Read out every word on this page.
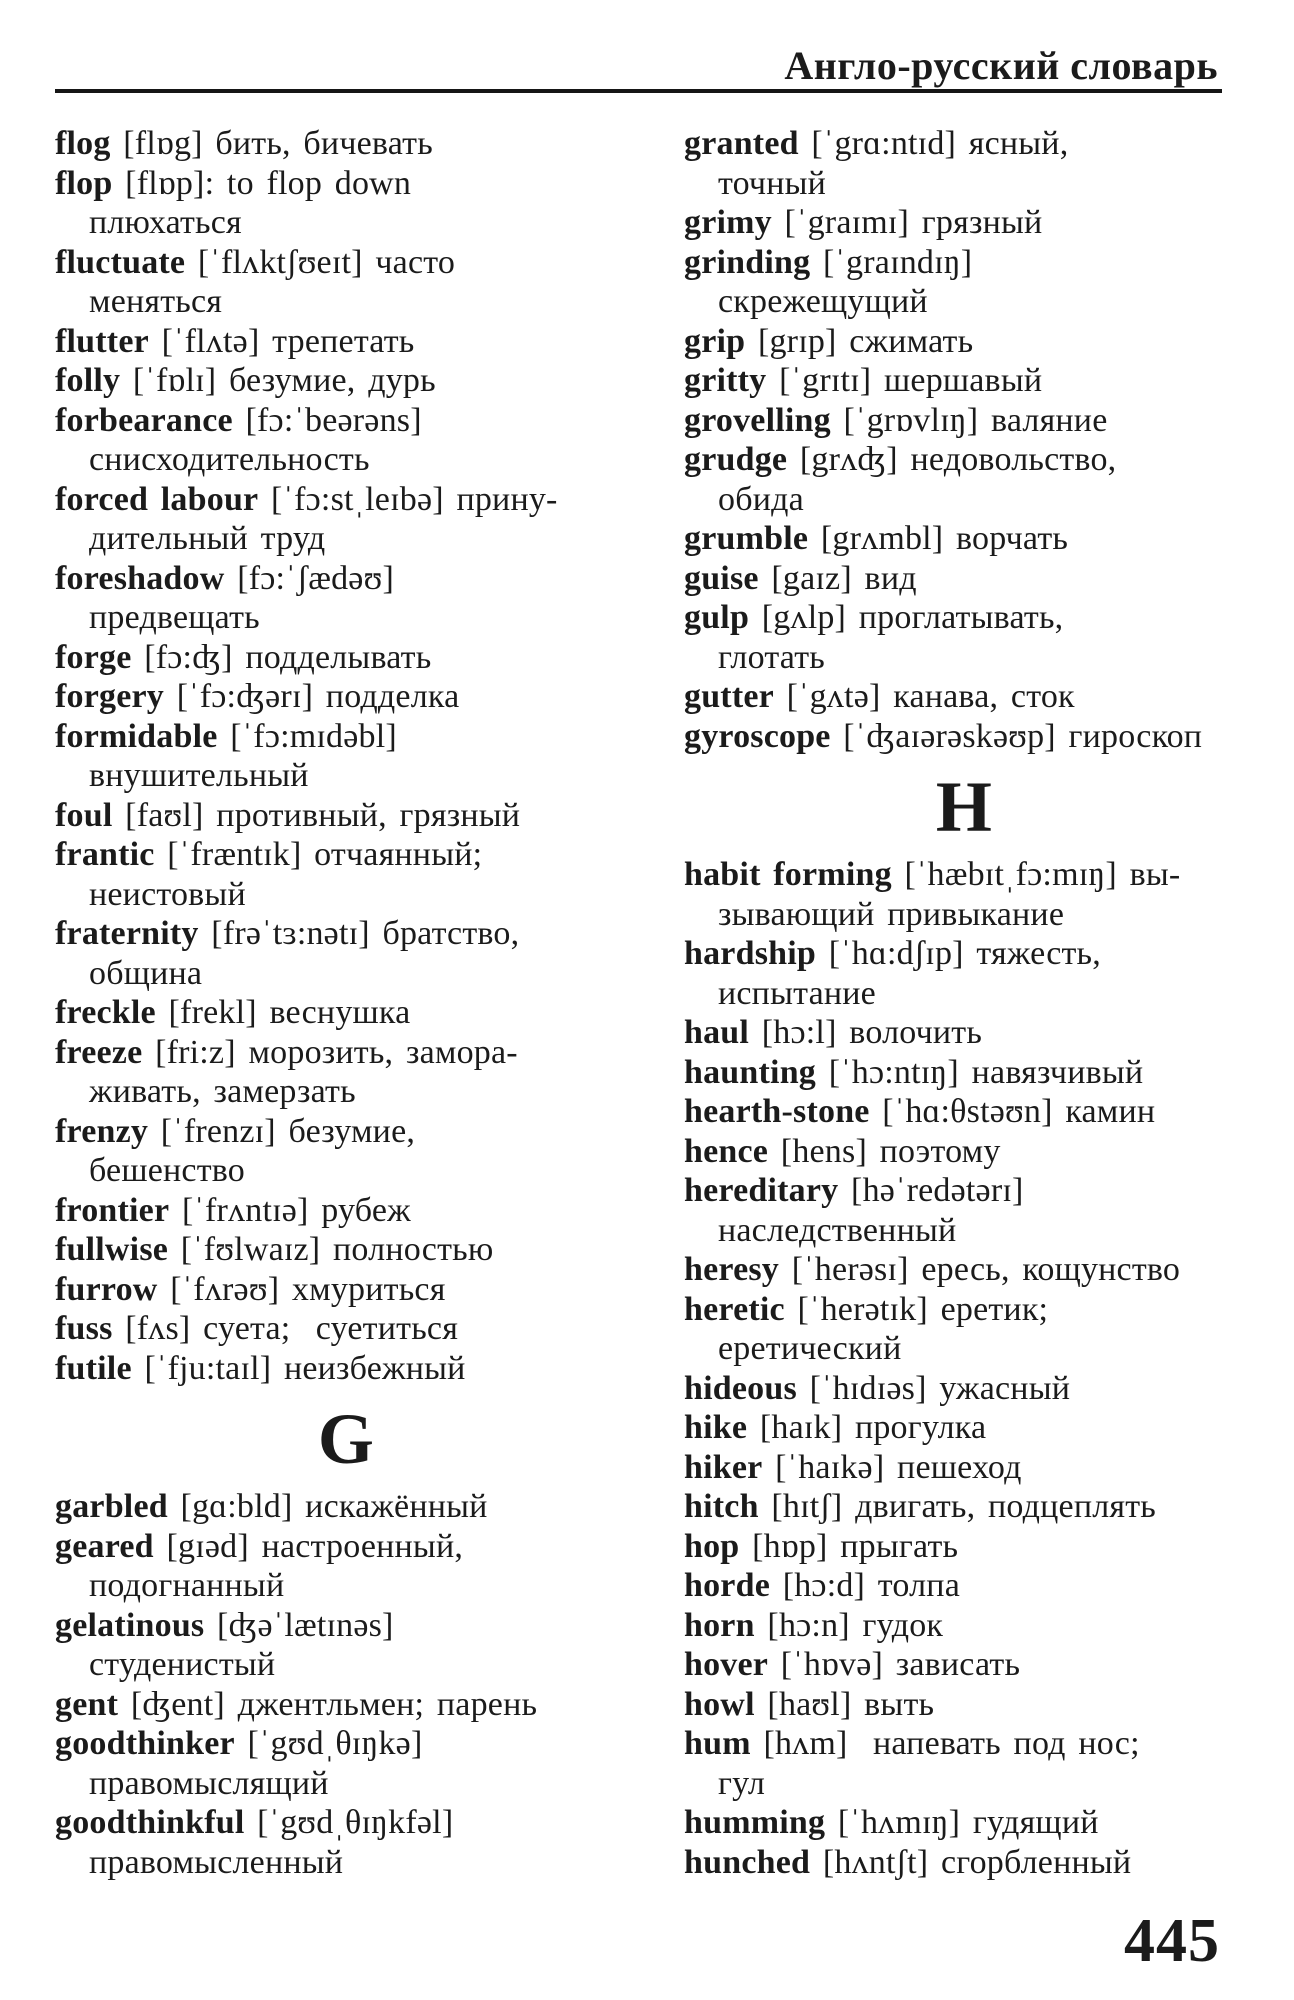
Англо-русский словарь
flog [flɒg] бить, бичевать
flop [flɒp]: to flop down
плюхаться
fluctuate [ˈflʌktʃʊeɪt] часто
меняться
flutter [ˈflʌtə] трепетать
folly [ˈfɒlɪ] безумие, дурь
forbearance [fɔ:ˈbeərəns]
снисходительность
forced labour [ˈfɔ:stˌleɪbə] прину-
дительный труд
foreshadow [fɔ:ˈʃædəʊ]
предвещать
forge [fɔ:ʤ] подделывать
forgery [ˈfɔ:ʤərɪ] подделка
formidable [ˈfɔ:mɪdəbl]
внушительный
foul [faʊl] противный, грязный
frantic [ˈfræntɪk] отчаянный;
неистовый
fraternity [frəˈtɜ:nətɪ] братство,
община
freckle [frekl] веснушка
freeze [fri:z] морозить, замора-
живать, замерзать
frenzy [ˈfrenzɪ] безумие,
бешенство
frontier [ˈfrʌntɪə] рубеж
fullwise [ˈfʊlwaɪz] полностью
furrow [ˈfʌrəʊ] хмуриться
fuss [fʌs] суета;  суетиться
futile [ˈfju:taɪl] неизбежный
G
garbled [gɑ:bld] искажённый
geared [gɪəd] настроенный,
подогнанный
gelatinous [ʤəˈlætɪnəs]
студенистый
gent [ʤent] джентльмен; парень
goodthinker [ˈgʊdˌθɪŋkə]
правомыслящий
goodthinkful [ˈgʊdˌθɪŋkfəl]
правомысленный
granted [ˈgrɑ:ntɪd] ясный,
точный
grimy [ˈgraɪmɪ] грязный
grinding [ˈgraɪndɪŋ]
скрежещущий
grip [grɪp] сжимать
gritty [ˈgrɪtɪ] шершавый
grovelling [ˈgrɒvlɪŋ] валяние
grudge [grʌʤ] недовольство,
обида
grumble [grʌmbl] ворчать
guise [gaɪz] вид
gulp [gʌlp] проглатывать,
глотать
gutter [ˈgʌtə] канава, сток
gyroscope [ˈʤaɪərəskəʊp] гироскоп
H
habit forming [ˈhæbɪtˌfɔ:mɪŋ] вы-
зывающий привыкание
hardship [ˈhɑ:dʃɪp] тяжесть,
испытание
haul [hɔ:l] волочить
haunting [ˈhɔ:ntɪŋ] навязчивый
hearth-stone [ˈhɑ:θstəʊn] камин
hence [hens] поэтому
hereditary [həˈredətərɪ]
наследственный
heresy [ˈherəsɪ] ересь, кощунство
heretic [ˈherətɪk] еретик;
еретический
hideous [ˈhɪdɪəs] ужасный
hike [haɪk] прогулка
hiker [ˈhaɪkə] пешеход
hitch [hɪtʃ] двигать, подцеплять
hop [hɒp] прыгать
horde [hɔ:d] толпа
horn [hɔ:n] гудок
hover [ˈhɒvə] зависать
howl [haʊl] выть
hum [hʌm]  напевать под нос;
гул
humming [ˈhʌmɪŋ] гудящий
hunched [hʌntʃt] сгорбленный
445
